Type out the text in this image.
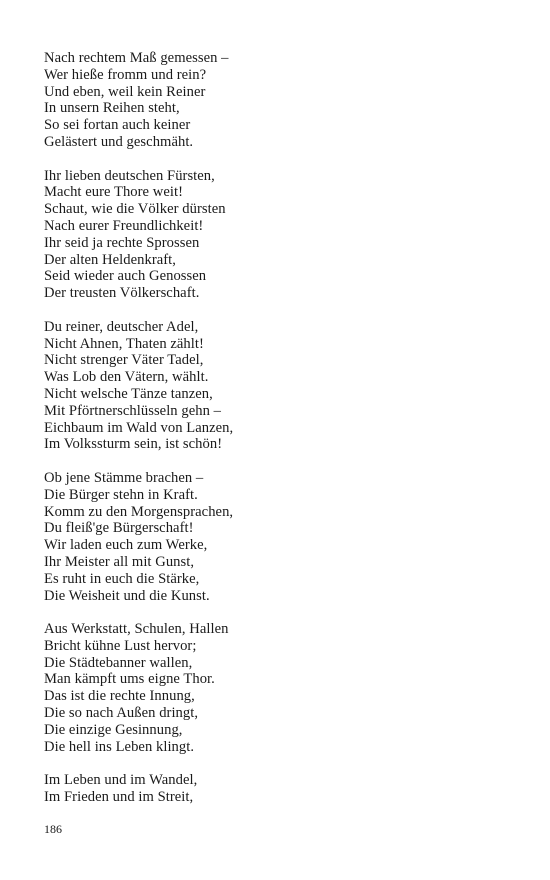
Nach rechtem Maß gemessen –
Wer hieße fromm und rein?
Und eben, weil kein Reiner
In unsern Reihen steht,
So sei fortan auch keiner
Gelästert und geschmäht.
Ihr lieben deutschen Fürsten,
Macht eure Thore weit!
Schaut, wie die Völker dürsten
Nach eurer Freundlichkeit!
Ihr seid ja rechte Sprossen
Der alten Heldenkraft,
Seid wieder auch Genossen
Der treusten Völkerschaft.
Du reiner, deutscher Adel,
Nicht Ahnen, Thaten zählt!
Nicht strenger Väter Tadel,
Was Lob den Vätern, wählt.
Nicht welsche Tänze tanzen,
Mit Pförtnerschlüsseln gehn –
Eichbaum im Wald von Lanzen,
Im Volkssturm sein, ist schön!
Ob jene Stämme brachen –
Die Bürger stehn in Kraft.
Komm zu den Morgensprachen,
Du fleiß'ge Bürgerschaft!
Wir laden euch zum Werke,
Ihr Meister all mit Gunst,
Es ruht in euch die Stärke,
Die Weisheit und die Kunst.
Aus Werkstatt, Schulen, Hallen
Bricht kühne Lust hervor;
Die Städtebanner wallen,
Man kämpft ums eigne Thor.
Das ist die rechte Innung,
Die so nach Außen dringt,
Die einzige Gesinnung,
Die hell ins Leben klingt.
Im Leben und im Wandel,
Im Frieden und im Streit,
186
